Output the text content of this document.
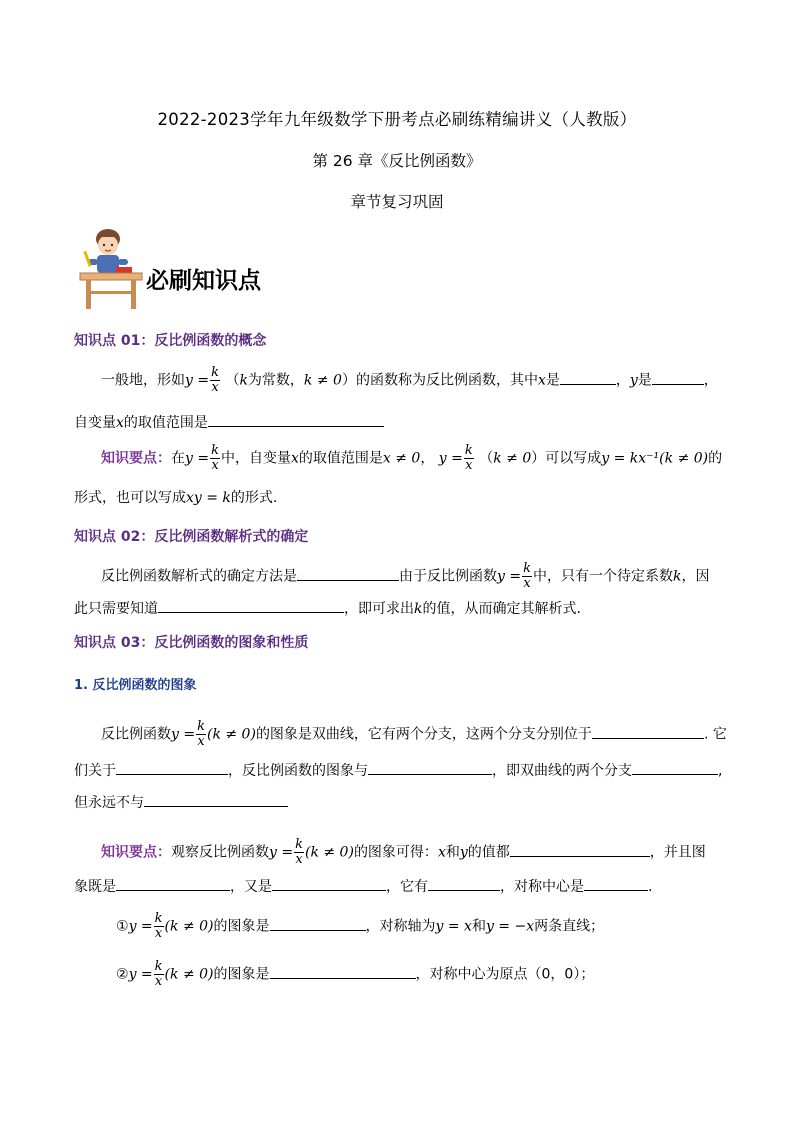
2022-2023学年九年级数学下册考点必刷练精编讲义（人教版）
第 26 章《反比例函数》
章节复习巩固
必刷知识点
知识点 01：反比例函数的概念
一般地，形如$y = \frac{k}{x} (k$为常数，k ≠ 0）的函数称为反比例函数，其中x是	，y是	，
自变量x的取值范围是
知识要点：在$y = \frac{k}{x}$ 中，自变量x的取值范围是x ≠ 0， $y = \frac{k}{x} (k \ne 0)$可以写成y = kx⁻¹(k ≠ 0)的
形式，也可以写成xy = k的形式.
知识点 02：反比例函数解析式的确定
反比例函数解析式的确定方法是	由于反比例函数$y = \frac{k}{x}$ 中，只有一个待定系数k，因
此只需要知道	，即可求出k的值，从而确定其解析式.
知识点 03：反比例函数的图象和性质
1. 反比例函数的图象
反比例函数$y = \frac{k}{x} (k \ne 0)$的图象是双曲线，它有两个分支，这两个分支分别位于	. 它
们关于	，反比例函数的图象与	，即双曲线的两个分支	,
但永远不与
知识要点：观察反比例函数$y = \frac{k}{x} (k \ne 0)$的图象可得：x和y的值都	，并且图
象既是	，又是	，它有	，对称中心是	.
①y = $\frac{k}{x} (k \ne 0)$的图象是	，对称轴为y = x和y = −x两条直线；
②y = $\frac{k}{x} (k \ne 0)$的图象是	，对称中心为原点（0，0）；
